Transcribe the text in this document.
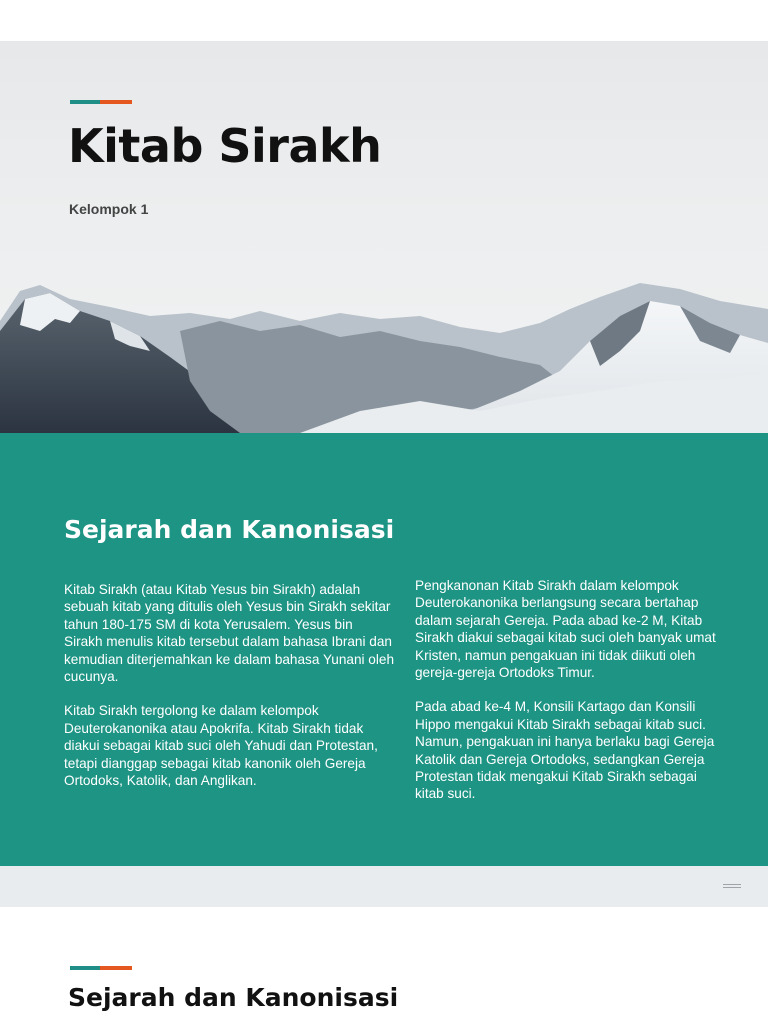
Kitab Sirakh
Kelompok 1
Sejarah dan Kanonisasi

Kitab Sirakh (atau Kitab Yesus bin Sirakh) adalah sebuah kitab yang ditulis oleh Yesus bin Sirakh sekitar tahun 180-175 SM di kota Yerusalem. Yesus bin Sirakh menulis kitab tersebut dalam bahasa Ibrani dan kemudian diterjemahkan ke dalam bahasa Yunani oleh cucunya.

Kitab Sirakh tergolong ke dalam kelompok Deuterokanonika atau Apokrifa. Kitab Sirakh tidak diakui sebagai kitab suci oleh Yahudi dan Protestan, tetapi dianggap sebagai kitab kanonik oleh Gereja Ortodoks, Katolik, dan Anglikan.

Pengkanonan Kitab Sirakh dalam kelompok Deuterokanonika berlangsung secara bertahap dalam sejarah Gereja. Pada abad ke-2 M, Kitab Sirakh diakui sebagai kitab suci oleh banyak umat Kristen, namun pengakuan ini tidak diikuti oleh gereja-gereja Ortodoks Timur.

Pada abad ke-4 M, Konsili Kartago dan Konsili Hippo mengakui Kitab Sirakh sebagai kitab suci. Namun, pengakuan ini hanya berlaku bagi Gereja Katolik dan Gereja Ortodoks, sedangkan Gereja Protestan tidak mengakui Kitab Sirakh sebagai kitab suci.

Sejarah dan Kanonisasi
